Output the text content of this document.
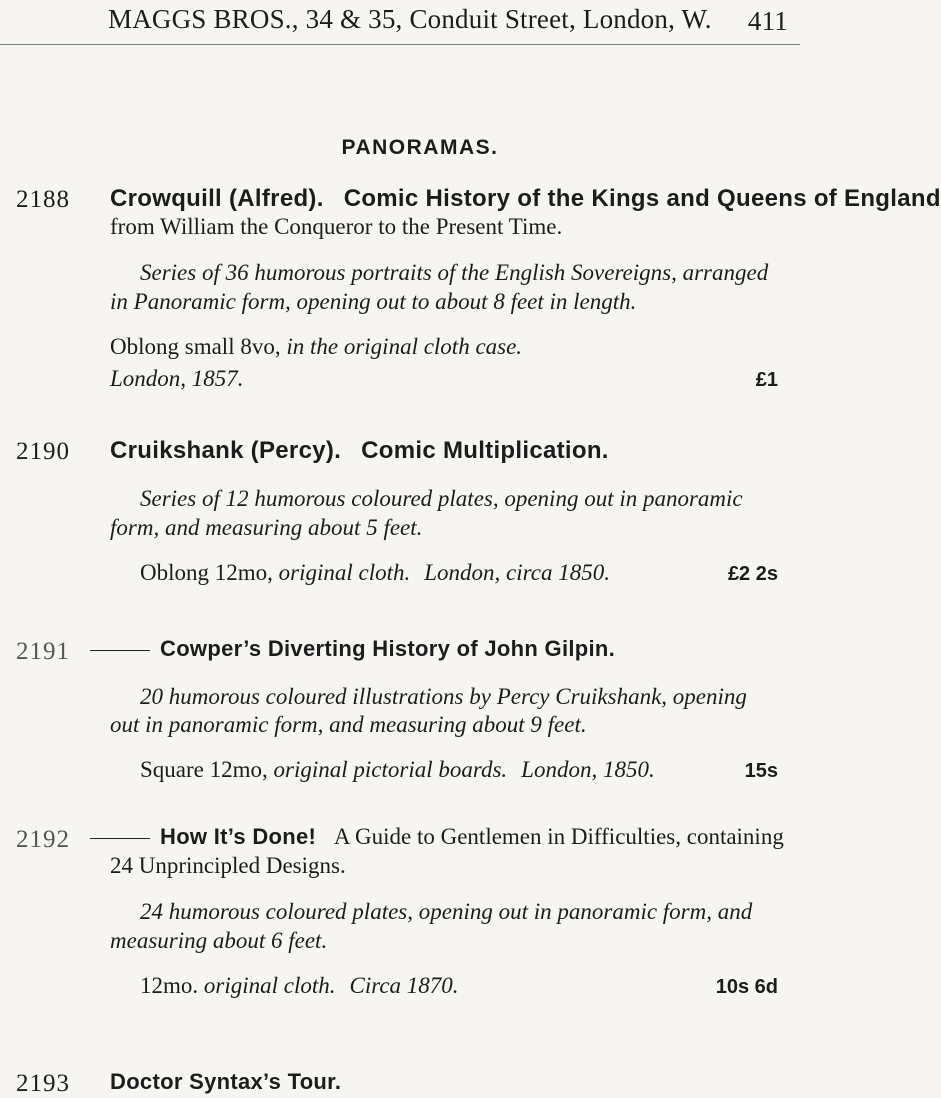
MAGGS BROS., 34 & 35, Conduit Street, London, W. 411
PANORAMAS.
2188 Crowquill (Alfred). Comic History of the Kings and Queens of England
from William the Conqueror to the Present Time.
Series of 36 humorous portraits of the English Sovereigns, arranged
in Panoramic form, opening out to about 8 feet in length.
Oblong small 8vo, in the original cloth case.
London, 1857.	£1
2190 Cruikshank (Percy). Comic Multiplication.
Series of 12 humorous coloured plates, opening out in panoramic
form, and measuring about 5 feet.
Oblong 12mo, original cloth. London, circa 1850.	£2 2s
2191	Cowper’s Diverting History of John Gilpin.
20 humorous coloured illustrations by Percy Cruikshank, opening
out in panoramic form, and measuring about 9 feet.
Square 12mo, original pictorial boards. London, 1850.	15s
2192	How It’s Done! A Guide to Gentlemen in Difficulties, containing
24 Unprincipled Designs.
24 humorous coloured plates, opening out in panoramic form, and
measuring about 6 feet.
12mo. original cloth. Circa 1870.	10s 6d
2193 Doctor Syntax’s Tour.
